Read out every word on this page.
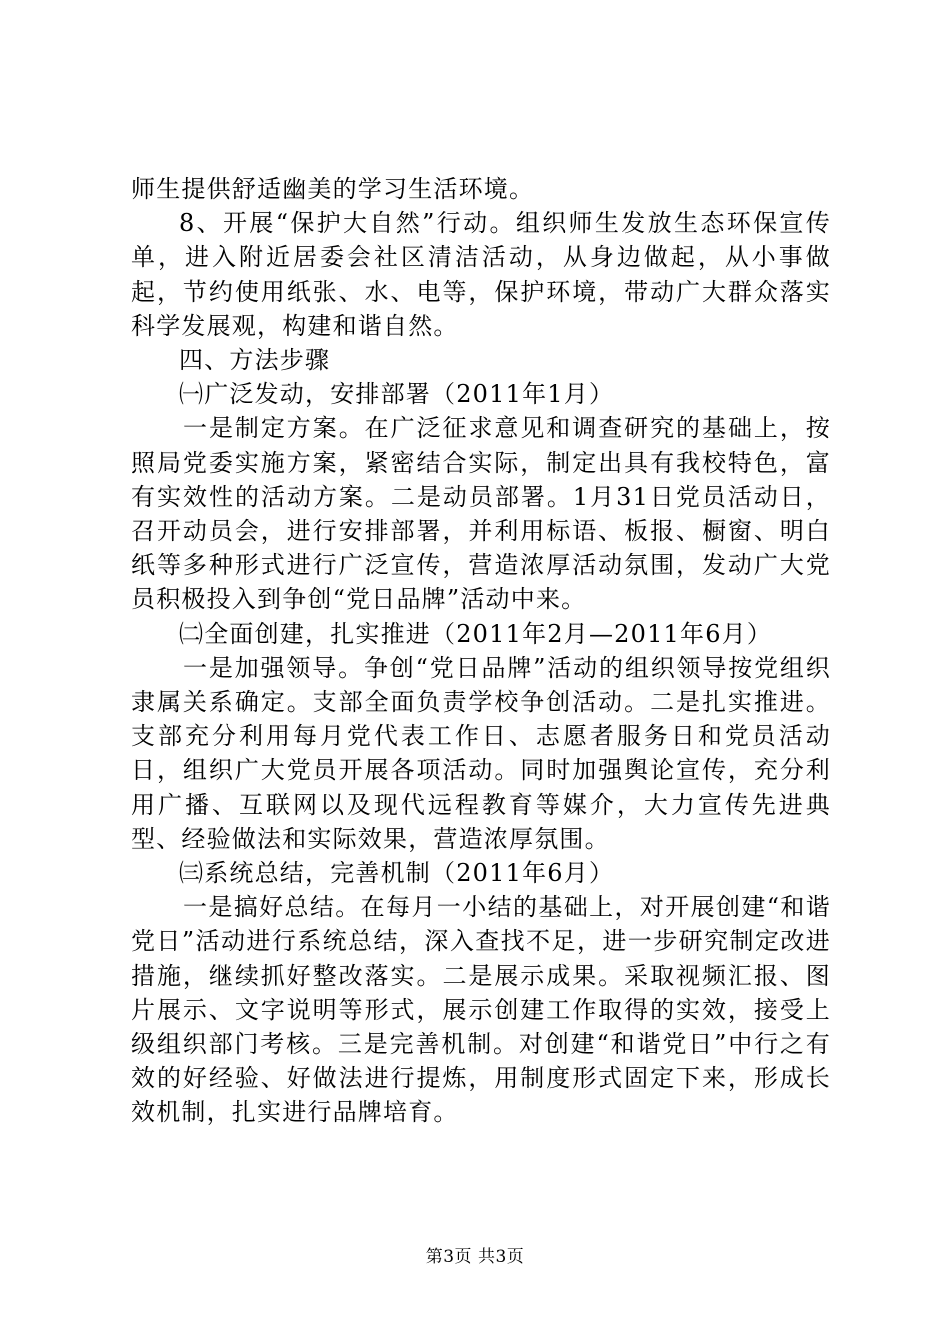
师生提供舒适幽美的学习生活环境。

8、开展“保护大自然”行动。组织师生发放生态环保宣传单，进入附近居委会社区清洁活动，从身边做起，从小事做起，节约使用纸张、水、电等，保护环境，带动广大群众落实科学发展观，构建和谐自然。

四、方法步骤

㈠广泛发动，安排部署（2011年1月）

一是制定方案。在广泛征求意见和调查研究的基础上，按照局党委实施方案，紧密结合实际，制定出具有我校特色，富有实效性的活动方案。二是动员部署。1月31日党员活动日，召开动员会，进行安排部署，并利用标语、板报、橱窗、明白纸等多种形式进行广泛宣传，营造浓厚活动氛围，发动广大党员积极投入到争创“党日品牌”活动中来。

㈡全面创建，扎实推进（2011年2月—2011年6月）

一是加强领导。争创“党日品牌”活动的组织领导按党组织隶属关系确定。支部全面负责学校争创活动。二是扎实推进。支部充分利用每月党代表工作日、志愿者服务日和党员活动日，组织广大党员开展各项活动。同时加强舆论宣传，充分利用广播、互联网以及现代远程教育等媒介，大力宣传先进典型、经验做法和实际效果，营造浓厚氛围。

㈢系统总结，完善机制（2011年6月）

一是搞好总结。在每月一小结的基础上，对开展创建“和谐党日”活动进行系统总结，深入查找不足，进一步研究制定改进措施，继续抓好整改落实。二是展示成果。采取视频汇报、图片展示、文字说明等形式，展示创建工作取得的实效，接受上级组织部门考核。三是完善机制。对创建“和谐党日”中行之有效的好经验、好做法进行提炼，用制度形式固定下来，形成长效机制，扎实进行品牌培育。

第3页 共3页
